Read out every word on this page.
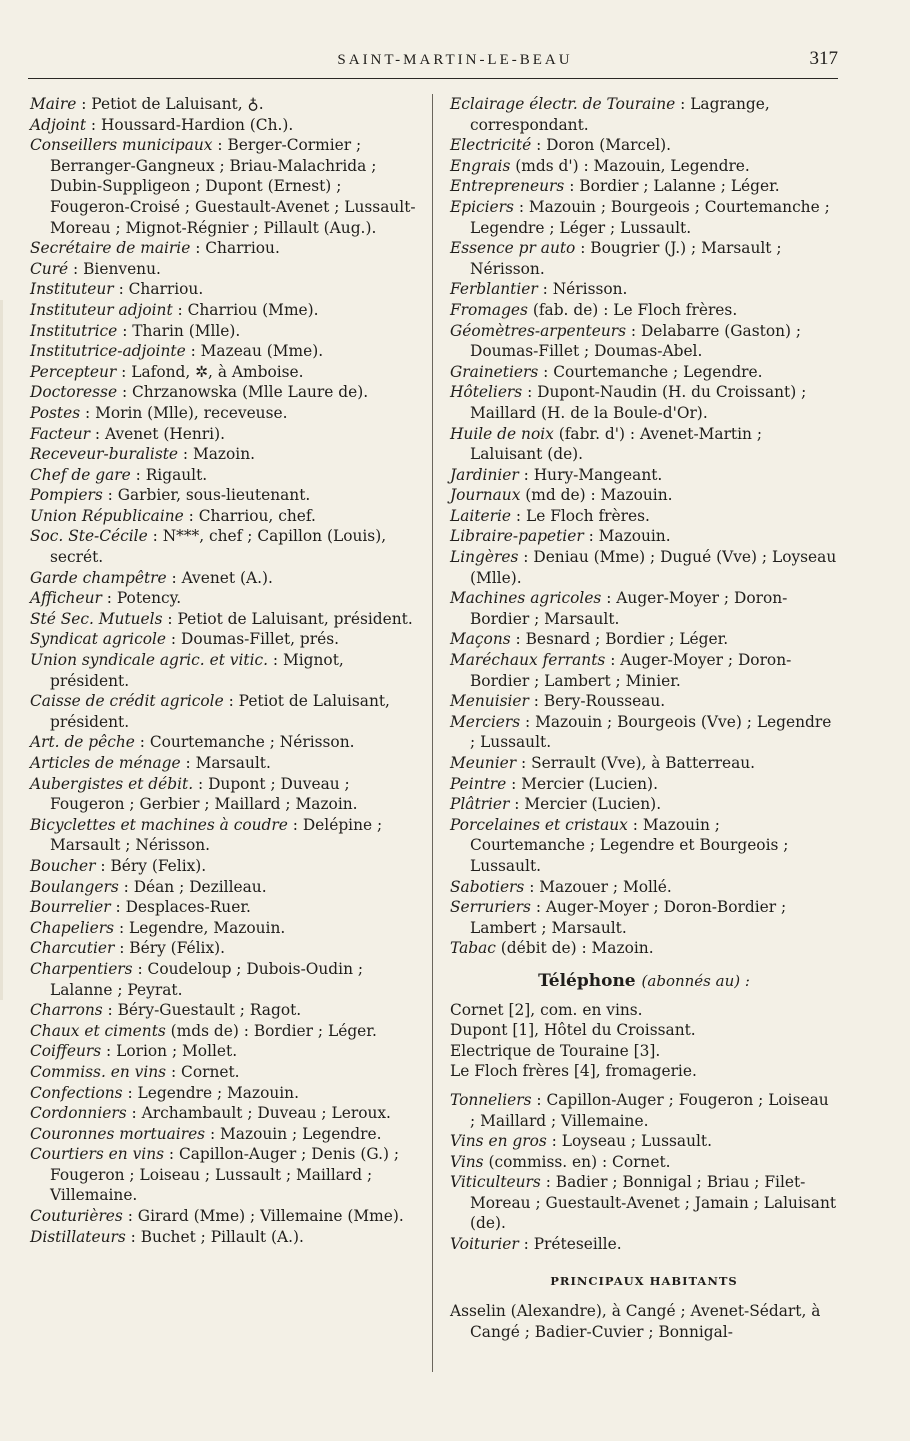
SAINT-MARTIN-LE-BEAU	317
Maire : Petiot de Laluisant, ♁.
Adjoint : Houssard-Hardion (Ch.).
Conseillers municipaux : Berger-Cormier ; Berranger-Gangneux ; Briau-Malachrida ; Dubin-Suppligeon ; Dupont (Ernest) ; Fougeron-Croisé ; Guestault-Avenet ; Lussault-Moreau ; Mignot-Régnier ; Pillault (Aug.).
Secrétaire de mairie : Charriou.
Curé : Bienvenu.
Instituteur : Charriou.
Instituteur adjoint : Charriou (Mme).
Institutrice : Tharin (Mlle).
Institutrice-adjointe : Mazeau (Mme).
Percepteur : Lafond, ✲, à Amboise.
Doctoresse : Chrzanowska (Mlle Laure de).
Postes : Morin (Mlle), receveuse.
Facteur : Avenet (Henri).
Receveur-buraliste : Mazoin.
Chef de gare : Rigault.
Pompiers : Garbier, sous-lieutenant.
Union Républicaine : Charriou, chef.
Soc. Ste-Cécile : N***, chef ; Capillon (Louis), secrét.
Garde champêtre : Avenet (A.).
Afficheur : Potency.
Sté Sec. Mutuels : Petiot de Laluisant, président.
Syndicat agricole : Doumas-Fillet, prés.
Union syndicale agric. et vitic. : Mignot, président.
Caisse de crédit agricole : Petiot de Laluisant, président.
Art. de pêche : Courtemanche ; Nérisson.
Articles de ménage : Marsault.
Aubergistes et débit. : Dupont ; Duveau ; Fougeron ; Gerbier ; Maillard ; Mazoin.
Bicyclettes et machines à coudre : Delépine ; Marsault ; Nérisson.
Boucher : Béry (Felix).
Boulangers : Déan ; Dezilleau.
Bourrelier : Desplaces-Ruer.
Chapeliers : Legendre, Mazouin.
Charcutier : Béry (Félix).
Charpentiers : Coudeloup ; Dubois-Oudin ; Lalanne ; Peyrat.
Charrons : Béry-Guestault ; Ragot.
Chaux et ciments (mds de) : Bordier ; Léger.
Coiffeurs : Lorion ; Mollet.
Commiss. en vins : Cornet.
Confections : Legendre ; Mazouin.
Cordonniers : Archambault ; Duveau ; Leroux.
Couronnes mortuaires : Mazouin ; Legendre.
Courtiers en vins : Capillon-Auger ; Denis (G.) ; Fougeron ; Loiseau ; Lussault ; Maillard ; Villemaine.
Couturières : Girard (Mme) ; Villemaine (Mme).
Distillateurs : Buchet ; Pillault (A.).
Eclairage électr. de Touraine : Lagrange, correspondant.
Electricité : Doron (Marcel).
Engrais (mds d') : Mazouin, Legendre.
Entrepreneurs : Bordier ; Lalanne ; Léger.
Epiciers : Mazouin ; Bourgeois ; Courtemanche ; Legendre ; Léger ; Lussault.
Essence pr auto : Bougrier (J.) ; Marsault ; Nérisson.
Ferblantier : Nérisson.
Fromages (fab. de) : Le Floch frères.
Géomètres-arpenteurs : Delabarre (Gaston) ; Doumas-Fillet ; Doumas-Abel.
Grainetiers : Courtemanche ; Legendre.
Hôteliers : Dupont-Naudin (H. du Croissant) ; Maillard (H. de la Boule-d'Or).
Huile de noix (fabr. d') : Avenet-Martin ; Laluisant (de).
Jardinier : Hury-Mangeant.
Journaux (md de) : Mazouin.
Laiterie : Le Floch frères.
Libraire-papetier : Mazouin.
Lingères : Deniau (Mme) ; Dugué (Vve) ; Loyseau (Mlle).
Machines agricoles : Auger-Moyer ; Doron-Bordier ; Marsault.
Maçons : Besnard ; Bordier ; Léger.
Maréchaux ferrants : Auger-Moyer ; Doron-Bordier ; Lambert ; Minier.
Menuisier : Bery-Rousseau.
Merciers : Mazouin ; Bourgeois (Vve) ; Legendre ; Lussault.
Meunier : Serrault (Vve), à Batterreau.
Peintre : Mercier (Lucien).
Plâtrier : Mercier (Lucien).
Porcelaines et cristaux : Mazouin ; Courtemanche ; Legendre et Bourgeois ; Lussault.
Sabotiers : Mazouer ; Mollé.
Serruriers : Auger-Moyer ; Doron-Bordier ; Lambert ; Marsault.
Tabac (débit de) : Mazoin.
Téléphone (abonnés au) :
Cornet [2], com. en vins.
Dupont [1], Hôtel du Croissant.
Electrique de Touraine [3].
Le Floch frères [4], fromagerie.
Tonneliers : Capillon-Auger ; Fougeron ; Loiseau ; Maillard ; Villemaine.
Vins en gros : Loyseau ; Lussault.
Vins (commiss. en) : Cornet.
Viticulteurs : Badier ; Bonnigal ; Briau ; Filet-Moreau ; Guestault-Avenet ; Jamain ; Laluisant (de).
Voiturier : Préteseille.
PRINCIPAUX HABITANTS
Asselin (Alexandre), à Cangé ; Avenet-Sédart, à Cangé ; Badier-Cuvier ; Bonnigal-
